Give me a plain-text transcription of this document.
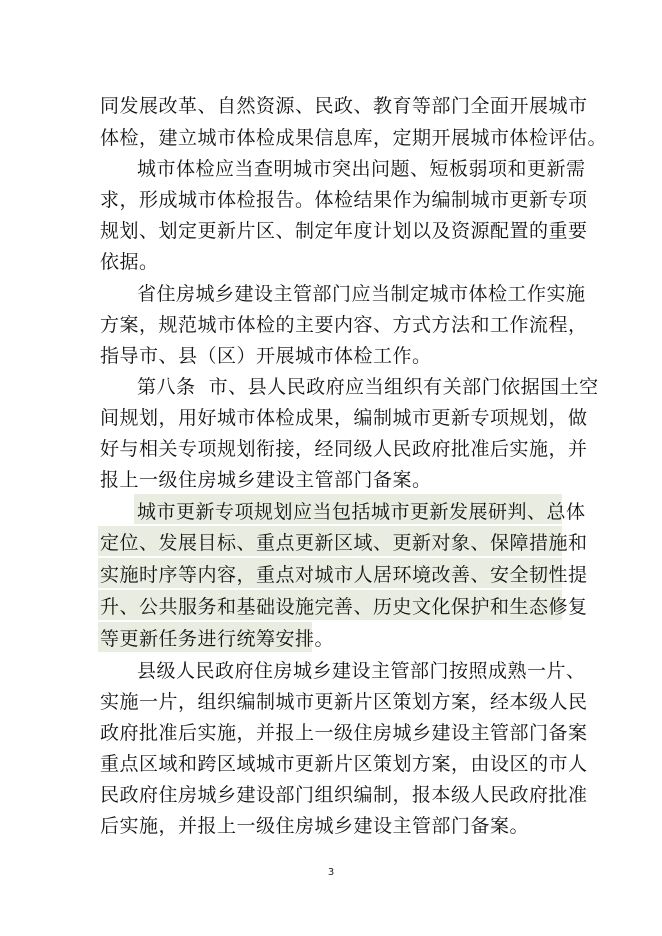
同发展改革、自然资源、民政、教育等部门全面开展城市
体检，建立城市体检成果信息库，定期开展城市体检评估。
城市体检应当查明城市突出问题、短板弱项和更新需
求，形成城市体检报告。体检结果作为编制城市更新专项
规划、划定更新片区、制定年度计划以及资源配置的重要
依据。
省住房城乡建设主管部门应当制定城市体检工作实施
方案，规范城市体检的主要内容、方式方法和工作流程，
指导市、县（区）开展城市体检工作。
第八条  市、县人民政府应当组织有关部门依据国土空
间规划，用好城市体检成果，编制城市更新专项规划，做
好与相关专项规划衔接，经同级人民政府批准后实施，并
报上一级住房城乡建设主管部门备案。
城市更新专项规划应当包括城市更新发展研判、总体
定位、发展目标、重点更新区域、更新对象、保障措施和
实施时序等内容，重点对城市人居环境改善、安全韧性提
升、公共服务和基础设施完善、历史文化保护和生态修复
等更新任务进行统筹安排。
县级人民政府住房城乡建设主管部门按照成熟一片、
实施一片，组织编制城市更新片区策划方案，经本级人民
政府批准后实施，并报上一级住房城乡建设主管部门备案
重点区域和跨区域城市更新片区策划方案，由设区的市人
民政府住房城乡建设部门组织编制，报本级人民政府批准
后实施，并报上一级住房城乡建设主管部门备案。
3
